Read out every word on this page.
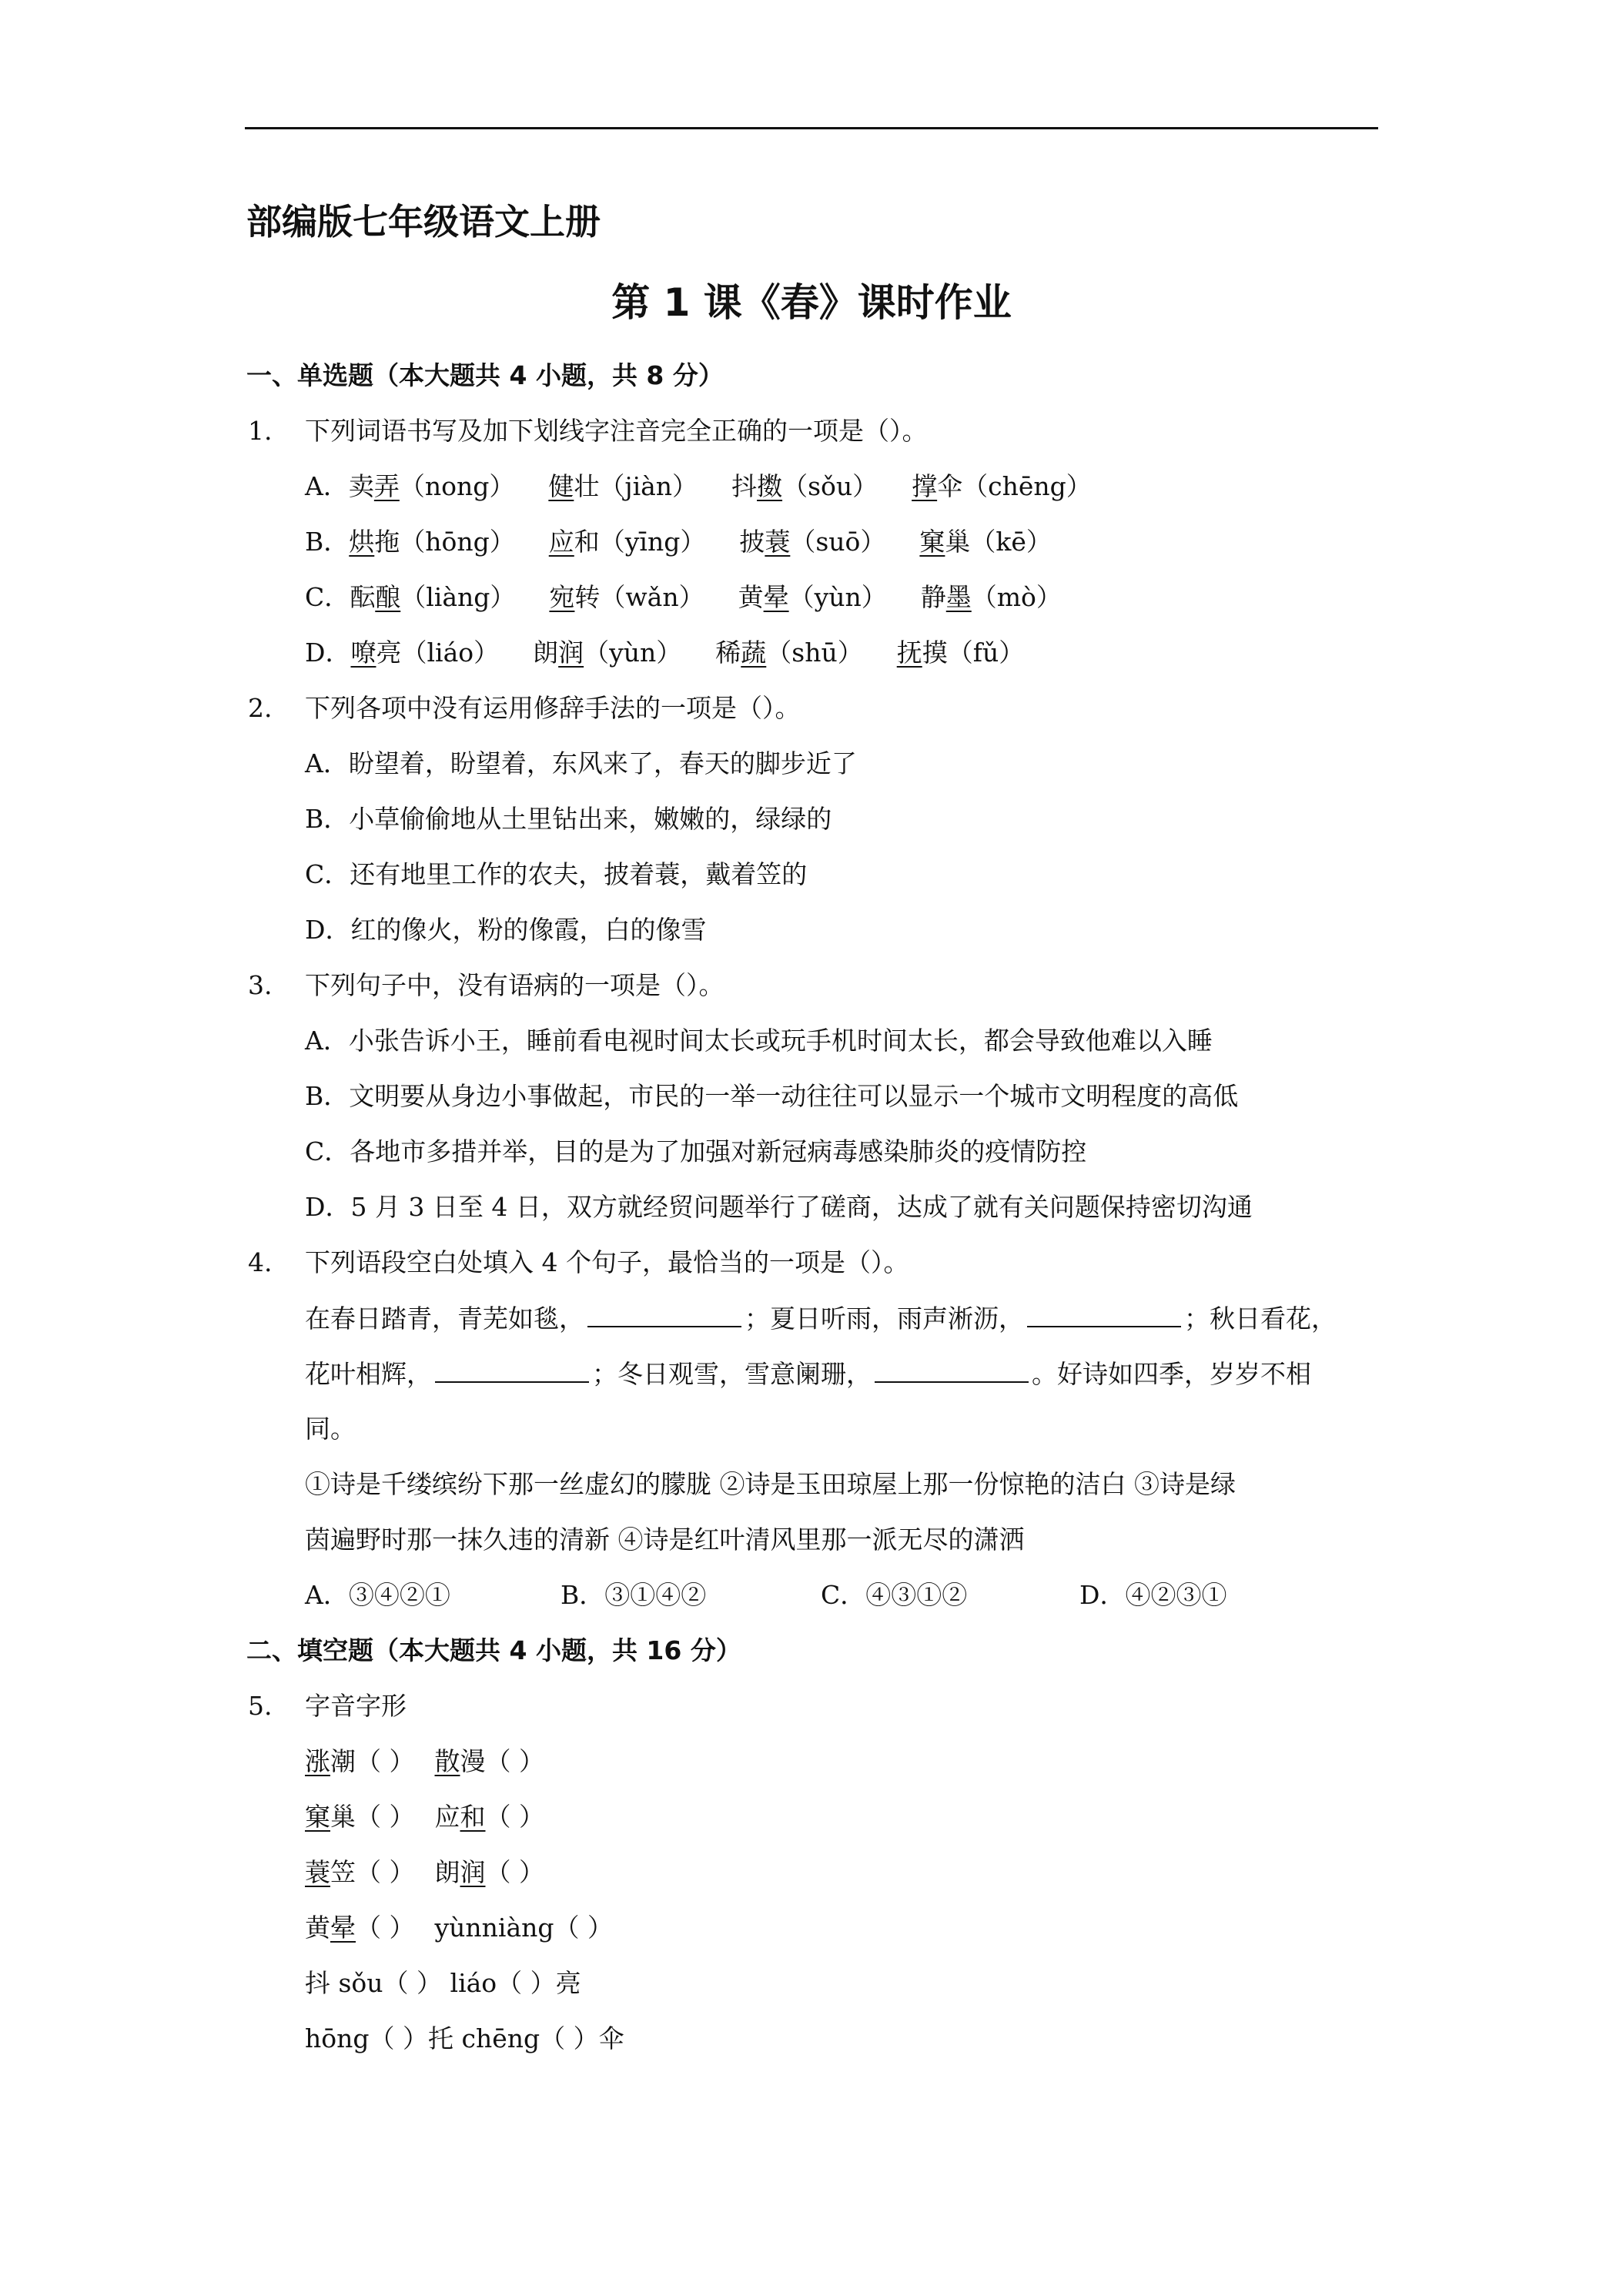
部编版七年级语文上册
第 1 课《春》课时作业
一、单选题（本大题共 4 小题，共 8 分）
1. 下列词语书写及加下划线字注音完全正确的一项是（）。
A．卖弄（nong） 健壮（jiàn） 抖擞（sǒu） 撑伞（chēng）
B．烘拖（hōng） 应和（yīng） 披蓑（suō） 窠巢（kē）
C．酝酿（liàng） 宛转（wǎn） 黄晕（yùn） 静墨（mò）
D．嘹亮（liáo） 朗润（yùn） 稀蔬（shū） 抚摸（fǔ）
2. 下列各项中没有运用修辞手法的一项是（）。
A．盼望着，盼望着，东风来了，春天的脚步近了
B．小草偷偷地从土里钻出来，嫩嫩的，绿绿的
C．还有地里工作的农夫，披着蓑，戴着笠的
D．红的像火，粉的像霞，白的像雪
3. 下列句子中，没有语病的一项是（）。
A．小张告诉小王，睡前看电视时间太长或玩手机时间太长，都会导致他难以入睡
B．文明要从身边小事做起，市民的一举一动往往可以显示一个城市文明程度的高低
C．各地市多措并举，目的是为了加强对新冠病毒感染肺炎的疫情防控
D．5 月 3 日至 4 日，双方就经贸问题举行了磋商，达成了就有关问题保持密切沟通
4. 下列语段空白处填入 4 个句子，最恰当的一项是（）。
在春日踏青，青芜如毯，	；夏日听雨，雨声淅沥，	；秋日看花，
花叶相辉，	；冬日观雪，雪意阑珊，	。好诗如四季，岁岁不相
同。
①诗是千缕缤纷下那一丝虚幻的朦胧 ②诗是玉田琼屋上那一份惊艳的洁白 ③诗是绿
茵遍野时那一抹久违的清新 ④诗是红叶清风里那一派无尽的潇洒
A．③④②①	B．③①④②	C．④③①②	D．④②③①
二、填空题（本大题共 4 小题，共 16 分）
5. 字音字形
涨潮（ ） 散漫（ ）
窠巢（ ） 应和（ ）
蓑笠（ ） 朗润（ ）
黄晕（ ） yùnniàng（ ）
抖 sǒu（ ） liáo（ ）亮
hōng（ ）托 chēng（ ）伞
